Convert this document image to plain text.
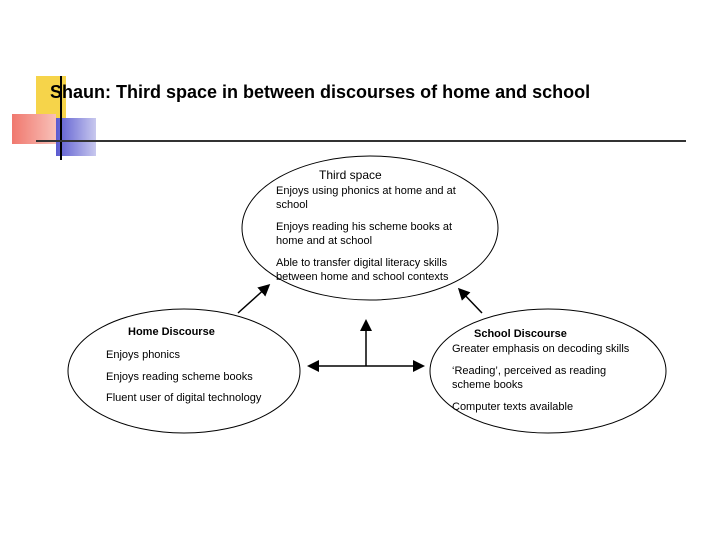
Shaun: Third space in between discourses of home and school
Third space
Enjoys using phonics at home and at school
Enjoys reading his scheme books at home and at school
Able to transfer digital literacy skills between home and school contexts
Home Discourse
Enjoys phonics
Enjoys reading scheme books
Fluent user of digital technology
School Discourse
Greater emphasis on decoding skills
‘Reading’, perceived as reading scheme books
Computer texts available
